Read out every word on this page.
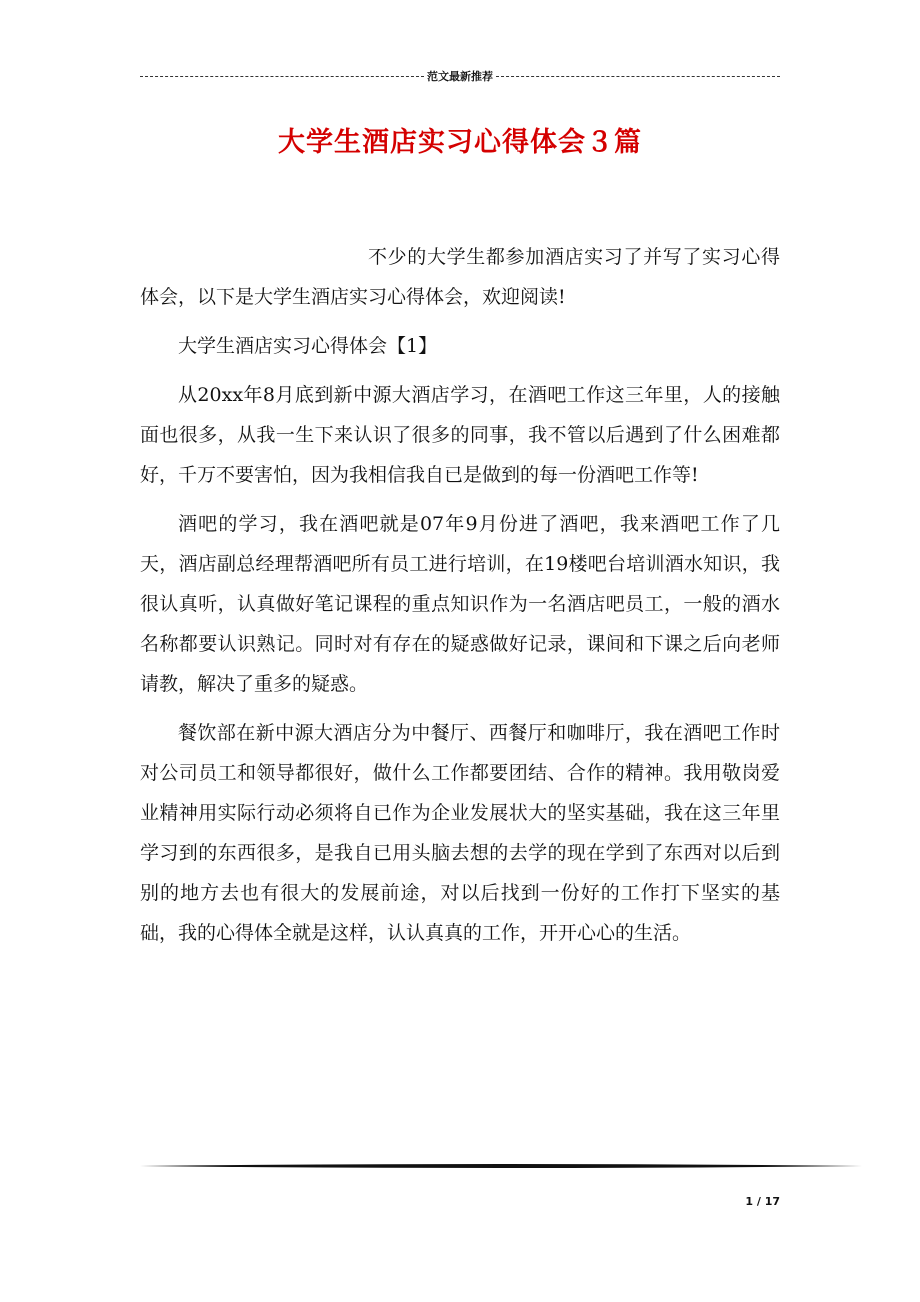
范文最新推荐
大学生酒店实习心得体会３篇

不少的大学生都参加酒店实习了并写了实习心得体会，以下是大学生酒店实习心得体会，欢迎阅读!

大学生酒店实习心得体会【1】

从20xx年8月底到新中源大酒店学习，在酒吧工作这三年里，人的接触面也很多，从我一生下来认识了很多的同事，我不管以后遇到了什么困难都好，千万不要害怕，因为我相信我自已是做到的每一份酒吧工作等!

酒吧的学习，我在酒吧就是07年9月份进了酒吧，我来酒吧工作了几天，酒店副总经理帮酒吧所有员工进行培训，在19楼吧台培训酒水知识，我很认真听，认真做好笔记课程的重点知识作为一名酒店吧员工，一般的酒水名称都要认识熟记。同时对有存在的疑惑做好记录，课间和下课之后向老师请教，解决了重多的疑惑。

餐饮部在新中源大酒店分为中餐厅、西餐厅和咖啡厅，我在酒吧工作时对公司员工和领导都很好，做什么工作都要团结、合作的精神。我用敬岗爱业精神用实际行动必须将自已作为企业发展状大的坚实基础，我在这三年里学习到的东西很多，是我自已用头脑去想的去学的现在学到了东西对以后到别的地方去也有很大的发展前途，对以后找到一份好的工作打下坚实的基础，我的心得体全就是这样，认认真真的工作，开开心心的生活。

1 / 17
